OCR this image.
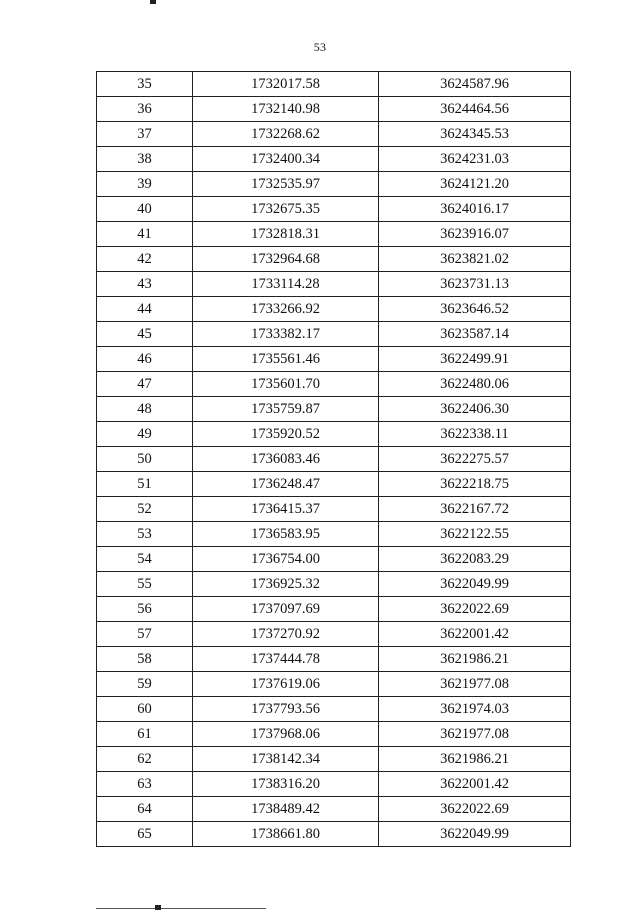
53
35	1732017.58	3624587.96
36	1732140.98	3624464.56
37	1732268.62	3624345.53
38	1732400.34	3624231.03
39	1732535.97	3624121.20
40	1732675.35	3624016.17
41	1732818.31	3623916.07
42	1732964.68	3623821.02
43	1733114.28	3623731.13
44	1733266.92	3623646.52
45	1733382.17	3623587.14
46	1735561.46	3622499.91
47	1735601.70	3622480.06
48	1735759.87	3622406.30
49	1735920.52	3622338.11
50	1736083.46	3622275.57
51	1736248.47	3622218.75
52	1736415.37	3622167.72
53	1736583.95	3622122.55
54	1736754.00	3622083.29
55	1736925.32	3622049.99
56	1737097.69	3622022.69
57	1737270.92	3622001.42
58	1737444.78	3621986.21
59	1737619.06	3621977.08
60	1737793.56	3621974.03
61	1737968.06	3621977.08
62	1738142.34	3621986.21
63	1738316.20	3622001.42
64	1738489.42	3622022.69
65	1738661.80	3622049.99
